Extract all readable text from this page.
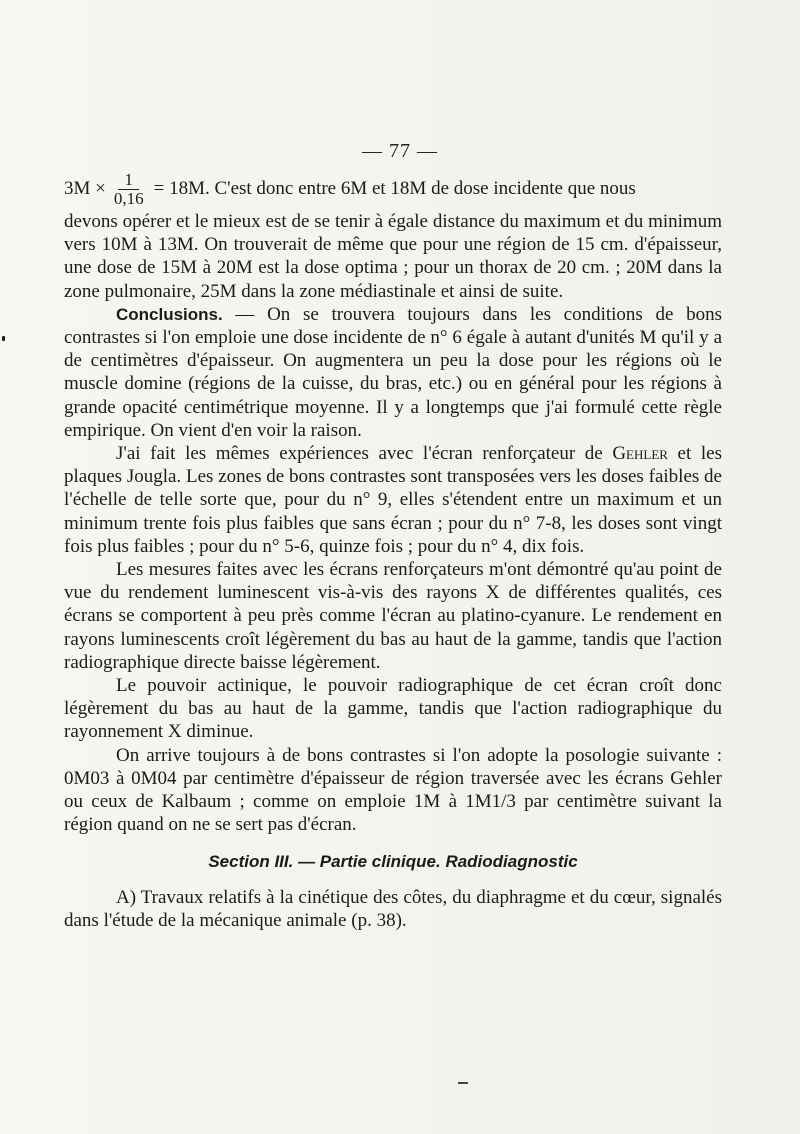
— 77 —
$3M \times \frac{1}{0,16} = 18M$. C'est donc entre 6M et 18M de dose incidente que nous

devons opérer et le mieux est de se tenir à égale distance du maximum et du minimum vers 10M à 13M. On trouverait de même que pour une région de 15 cm. d'épaisseur, une dose de 15M à 20M est la dose optima ; pour un thorax de 20 cm. ; 20M dans la zone pulmonaire, 25M dans la zone médiastinale et ainsi de suite.

Conclusions. — On se trouvera toujours dans les conditions de bons contrastes si l'on emploie une dose incidente de n° 6 égale à autant d'unités M qu'il y a de centimètres d'épaisseur. On augmentera un peu la dose pour les régions où le muscle domine (régions de la cuisse, du bras, etc.) ou en général pour les régions à grande opacité centimétrique moyenne. Il y a longtemps que j'ai formulé cette règle empirique. On vient d'en voir la raison.

J'ai fait les mêmes expériences avec l'écran renforçateur de Gehler et les plaques Jougla. Les zones de bons contrastes sont transposées vers les doses faibles de l'échelle de telle sorte que, pour du n° 9, elles s'étendent entre un maximum et un minimum trente fois plus faibles que sans écran ; pour du n° 7-8, les doses sont vingt fois plus faibles ; pour du n° 5-6, quinze fois ; pour du n° 4, dix fois.

Les mesures faites avec les écrans renforçateurs m'ont démontré qu'au point de vue du rendement luminescent vis-à-vis des rayons X de différentes qualités, ces écrans se comportent à peu près comme l'écran au platino-cyanure. Le rendement en rayons luminescents croît légèrement du bas au haut de la gamme, tandis que l'action radiographique directe baisse légèrement.

Le pouvoir actinique, le pouvoir radiographique de cet écran croît donc légèrement du bas au haut de la gamme, tandis que l'action radiographique du rayonnement X diminue.

On arrive toujours à de bons contrastes si l'on adopte la posologie suivante : 0M03 à 0M04 par centimètre d'épaisseur de région traversée avec les écrans Gehler ou ceux de Kalbaum ; comme on emploie 1M à 1M1/3 par centimètre suivant la région quand on ne se sert pas d'écran.

Section III. — Partie clinique. Radiodiagnostic

A) Travaux relatifs à la cinétique des côtes, du diaphragme et du cœur, signalés dans l'étude de la mécanique animale (p. 38).
